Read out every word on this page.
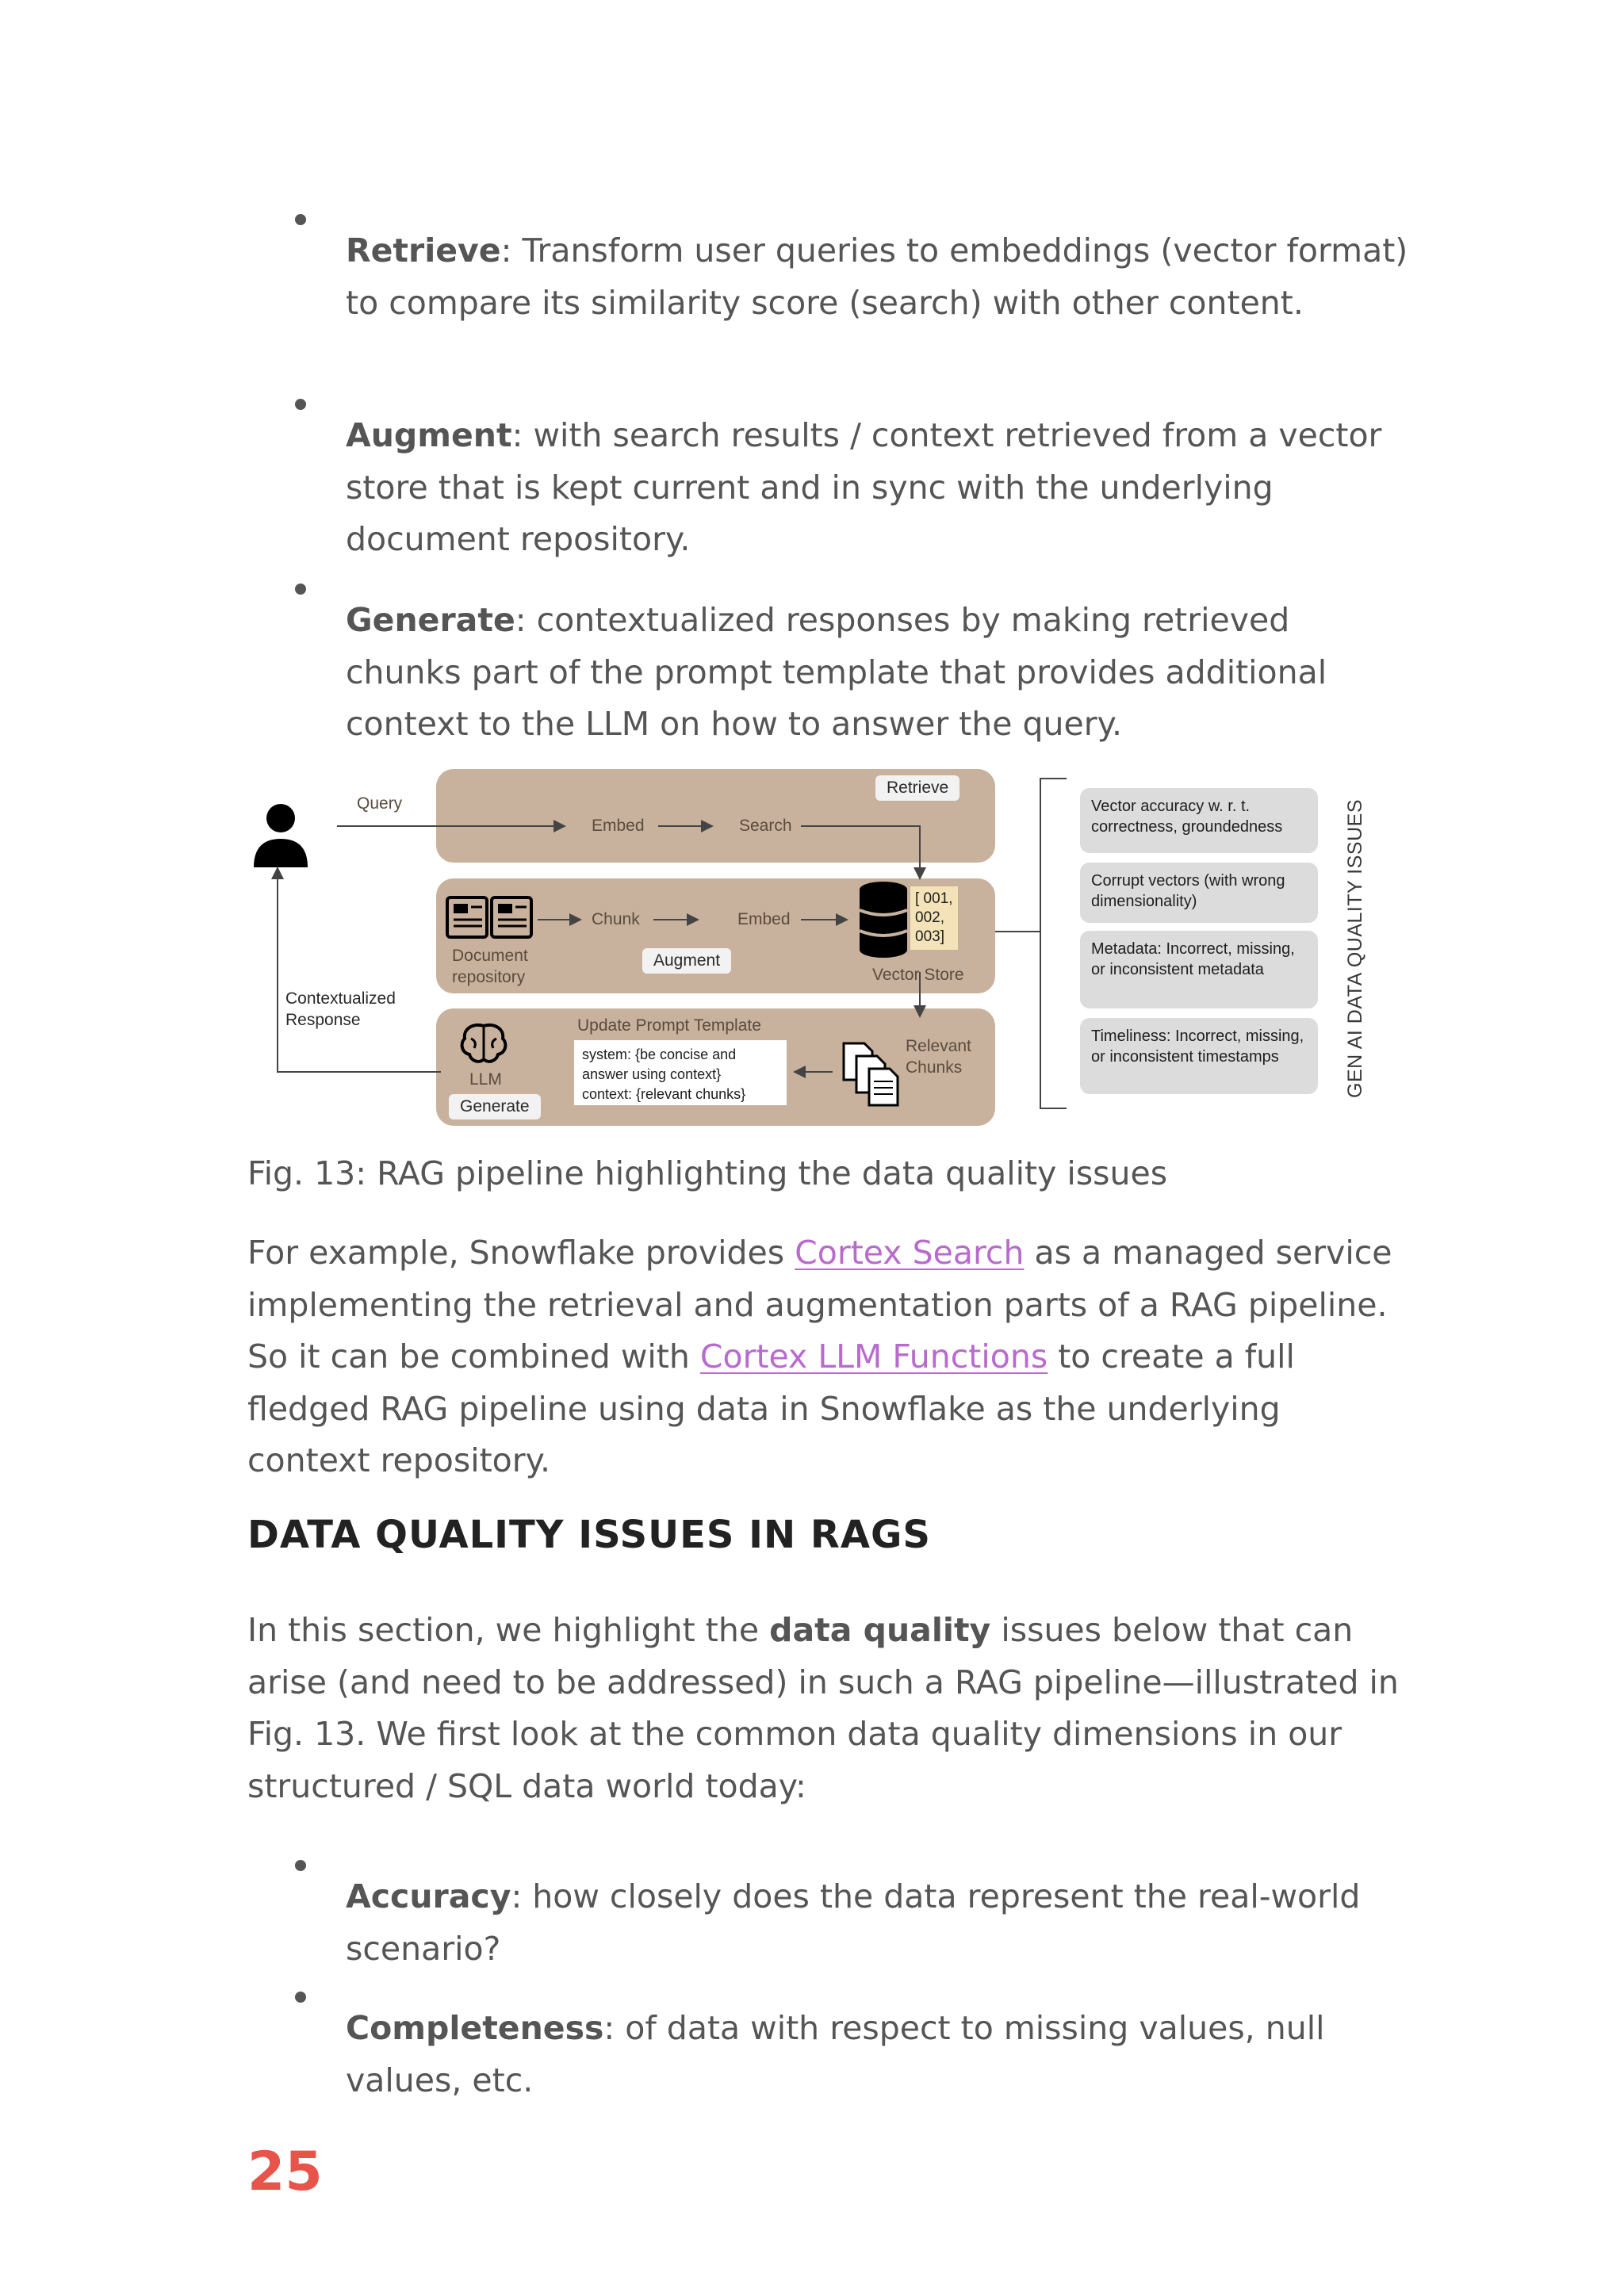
Retrieve: Transform user queries to embeddings (vector format) to compare its similarity score (search) with other content.

Augment: with search results / context retrieved from a vector store that is kept current and in sync with the underlying document repository.

Generate: contextualized responses by making retrieved chunks part of the prompt template that provides additional context to the LLM on how to answer the query.

Query
Retrieve
Embed	Search
Chunk	Embed
Document repository
Augment
[ 001,
002,
003]
Vector Store
Update Prompt Template
LLM
Generate
system: {be concise and answer using context}
context: {relevant chunks}
Relevant Chunks
Contextualized Response
Vector accuracy w. r. t. correctness, groundedness
Corrupt vectors (with wrong dimensionality)
Metadata: Incorrect, missing, or inconsistent metadata
Timeliness: Incorrect, missing, or inconsistent timestamps	GEN AI DATA QUALITY ISSUES

Fig. 13: RAG pipeline highlighting the data quality issues

For example, Snowflake provides Cortex Search as a managed service implementing the retrieval and augmentation parts of a RAG pipeline. So it can be combined with Cortex LLM Functions to create a full fledged RAG pipeline using data in Snowflake as the underlying context repository.

DATA QUALITY ISSUES IN RAGS

In this section, we highlight the data quality issues below that can arise (and need to be addressed) in such a RAG pipeline—illustrated in Fig. 13. We first look at the common data quality dimensions in our structured / SQL data world today:

Accuracy: how closely does the data represent the real-world scenario?

Completeness: of data with respect to missing values, null values, etc.

25
